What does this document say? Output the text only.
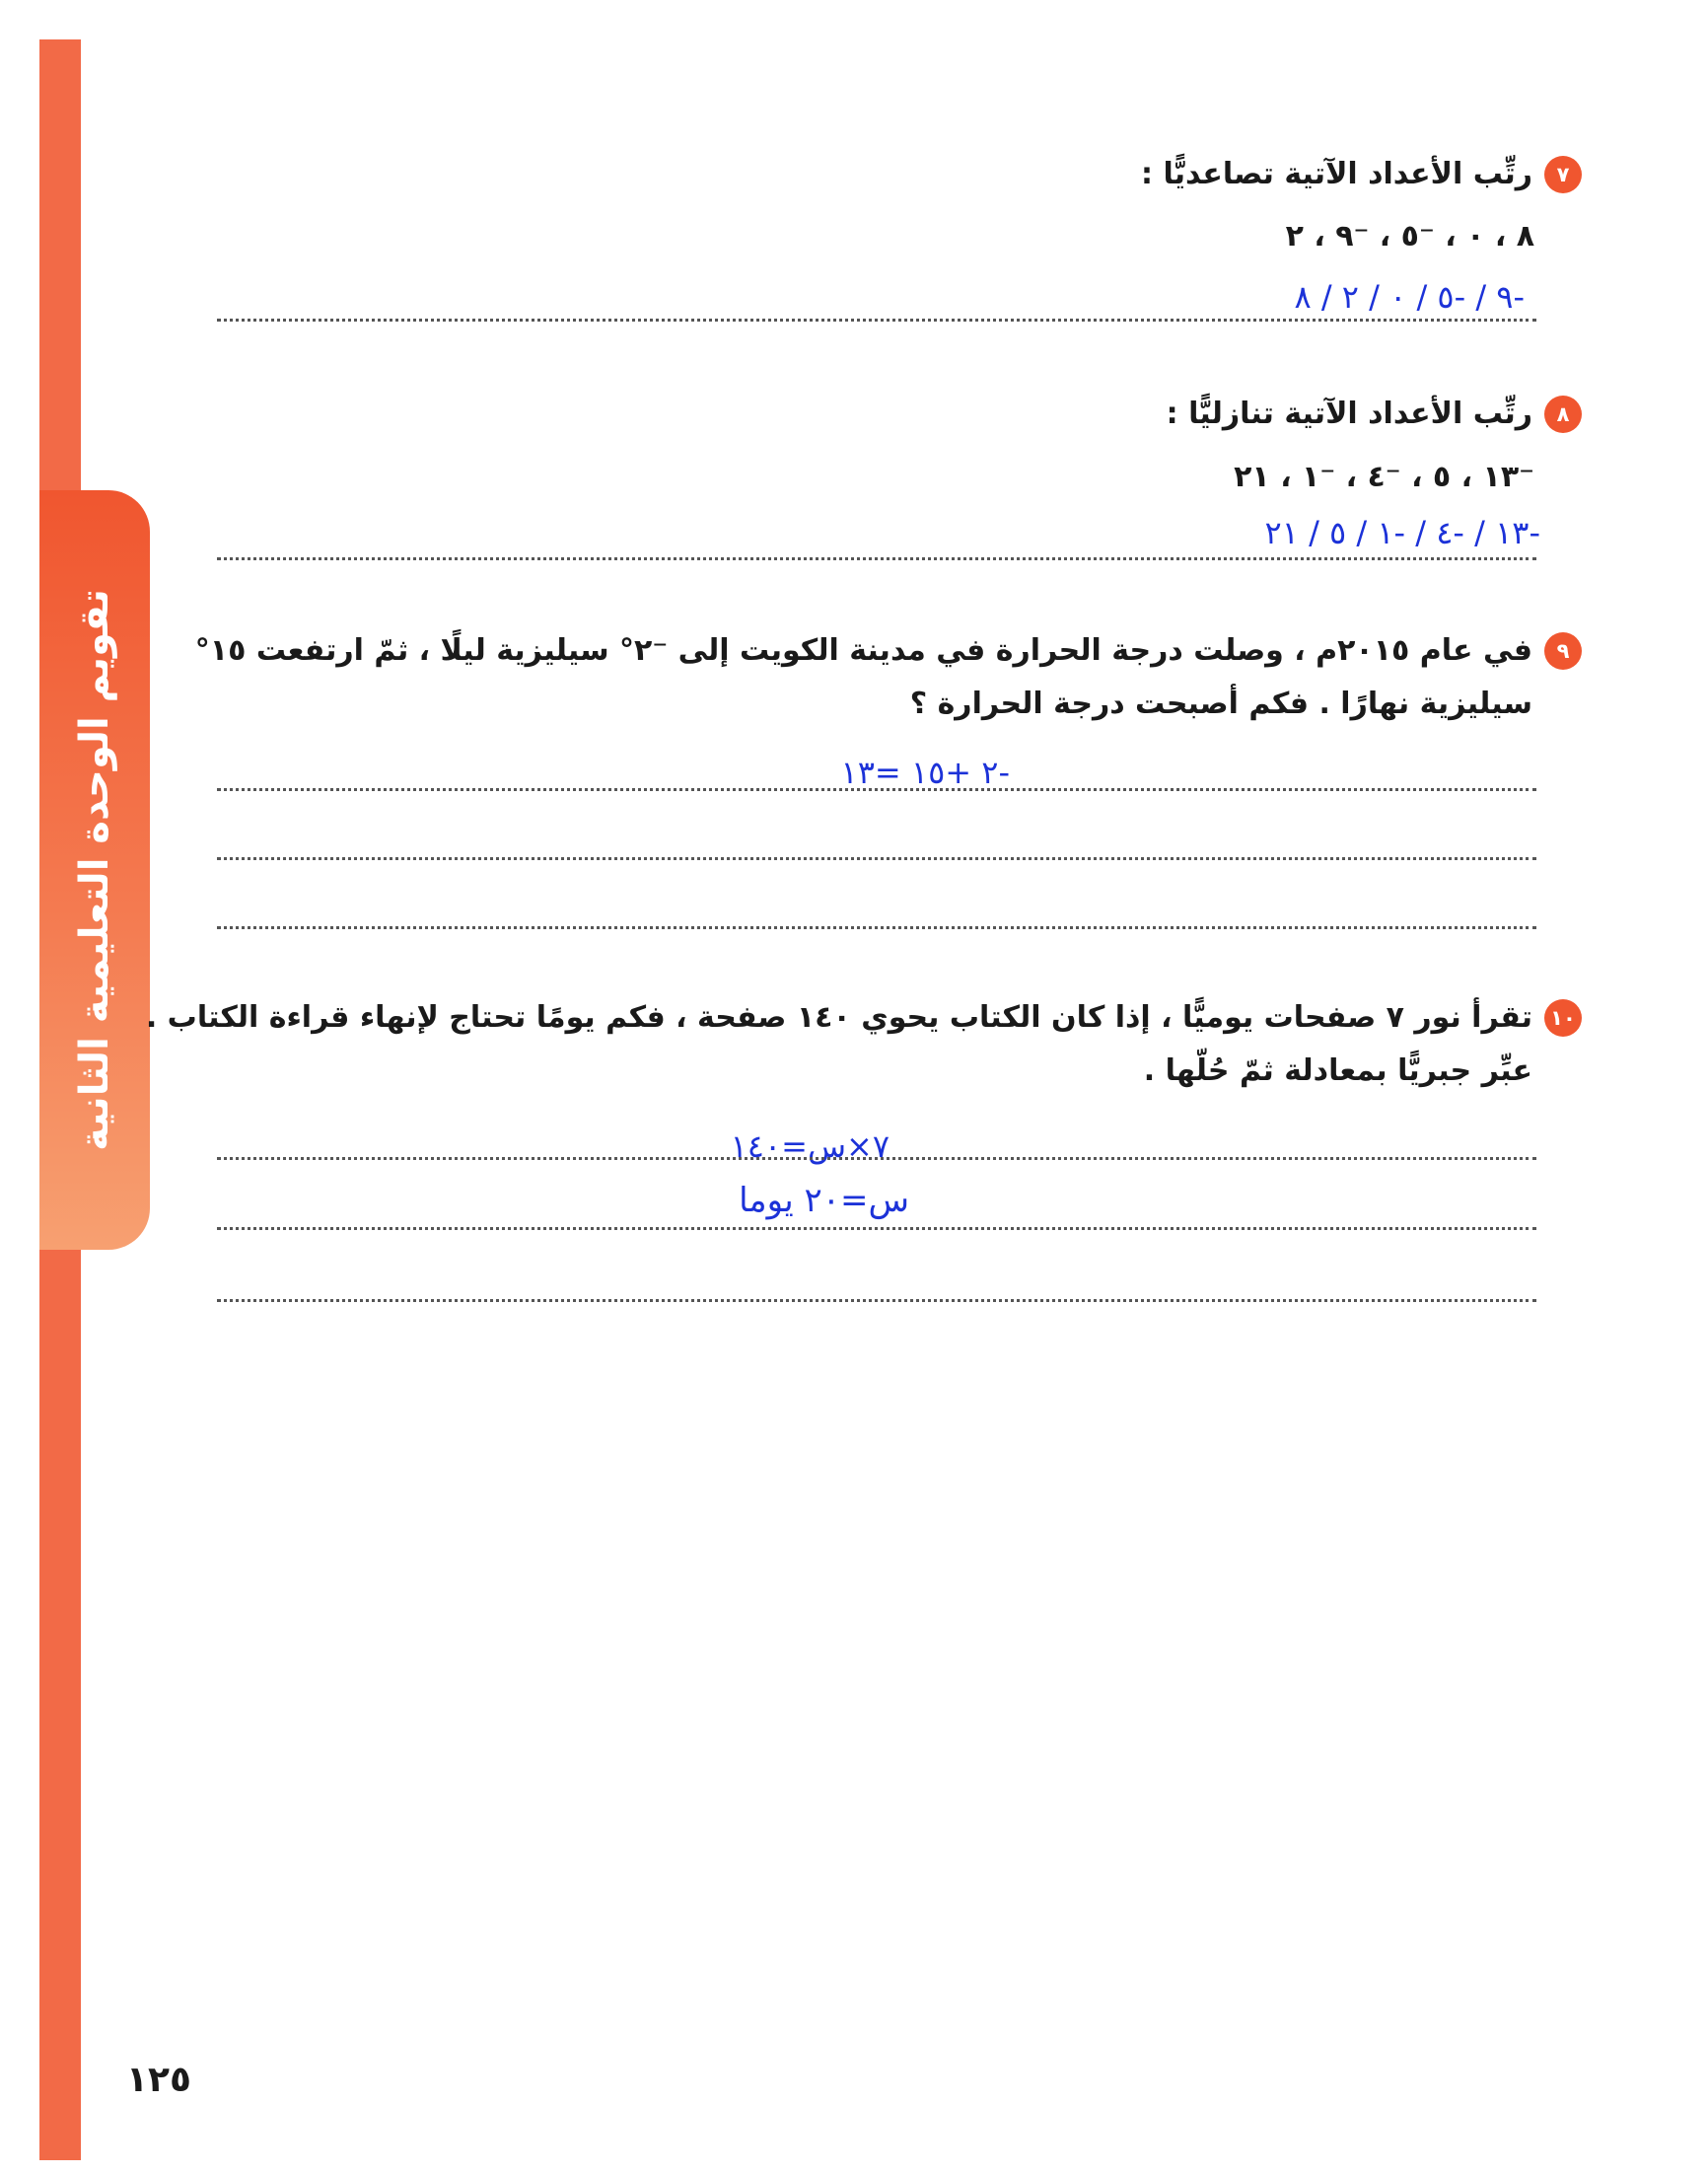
تقويم الوحدة التعليمية الثانية
٧
رتِّب الأعداد الآتية تصاعديًّا :
٨ ، ٠ ، ⁻٥ ، ⁻٩ ، ٢
-٩ / -٥ / ٠ / ٢ / ٨
٨
رتِّب الأعداد الآتية تنازليًّا :
⁻١٣ ، ٥ ، ⁻٤ ، ⁻١ ، ٢١
-١٣ / -٤ / -١ / ٥ / ٢١
٩
في عام ٢٠١٥م ، وصلت درجة الحرارة في مدينة الكويت إلى ⁻٢° سيليزية ليلًا ، ثمّ ارتفعت ١٥° سيليزية نهارًا . فكم أصبحت درجة الحرارة ؟
-٢ +١٥ =١٣
١٠
تقرأ نور ٧ صفحات يوميًّا ، إذا كان الكتاب يحوي ١٤٠ صفحة ، فكم يومًا تحتاج لإنهاء قراءة الكتاب . عبِّر جبريًّا بمعادلة ثمّ حُلّها .
٧×س=١٤٠
س=٢٠ يوما
١٢٥
